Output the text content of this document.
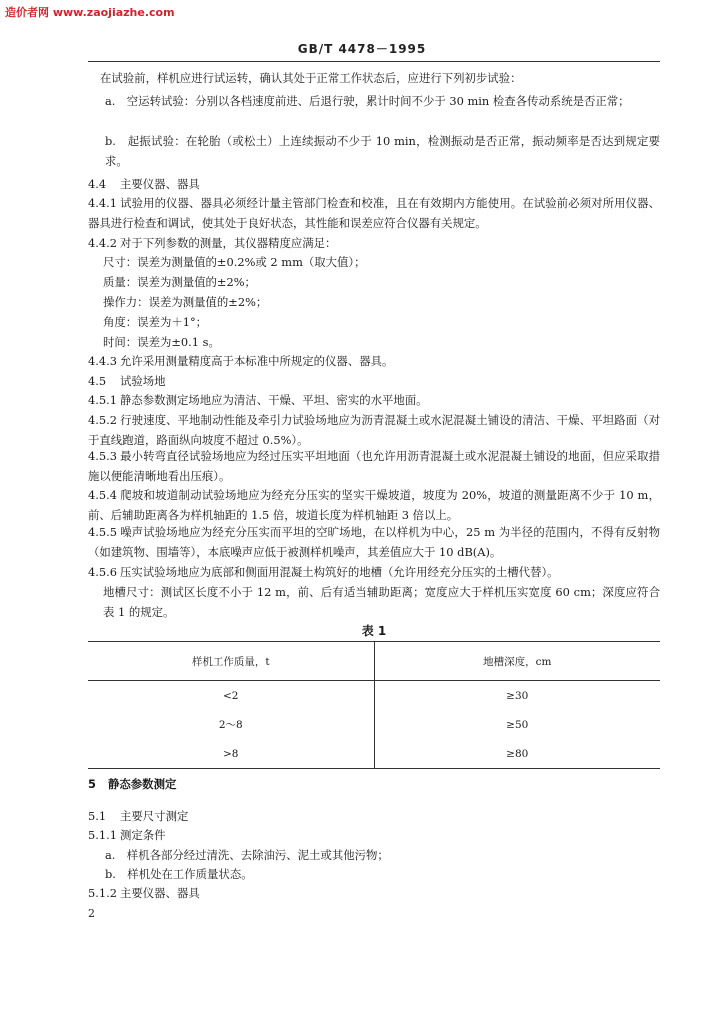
造价者网 www.zaojiazhe.com
GB/T 4478－1995

在试验前，样机应进行试运转，确认其处于正常工作状态后，应进行下列初步试验：

a.　空运转试验：分别以各档速度前进、后退行驶，累计时间不少于 30 min 检查各传动系统是否正常；

b.　起振试验：在轮胎（或松土）上连续振动不少于 10 min，检测振动是否正常，振动频率是否达到规定要求。

4.4 主要仪器、器具

4.4.1 试验用的仪器、器具必须经计量主管部门检查和校准，且在有效期内方能使用。在试验前必须对所用仪器、器具进行检查和调试，使其处于良好状态，其性能和误差应符合仪器有关规定。

4.4.2 对于下列参数的测量，其仪器精度应满足：

尺寸：误差为测量值的±0.2%或 2 mm（取大值）；

质量：误差为测量值的±2%；

操作力：误差为测量值的±2%；

角度：误差为＋1°；

时间：误差为±0.1 s。

4.4.3 允许采用测量精度高于本标准中所规定的仪器、器具。

4.5 试验场地

4.5.1 静态参数测定场地应为清洁、干燥、平坦、密实的水平地面。

4.5.2 行驶速度、平地制动性能及牵引力试验场地应为沥青混凝土或水泥混凝土铺设的清洁、干燥、平坦路面（对于直线跑道，路面纵向坡度不超过 0.5%）。

4.5.3 最小转弯直径试验场地应为经过压实平坦地面（也允许用沥青混凝土或水泥混凝土铺设的地面，但应采取措施以便能清晰地看出压痕）。

4.5.4 爬坡和坡道制动试验场地应为经充分压实的坚实干燥坡道，坡度为 20%，坡道的测量距离不少于 10 m，前、后辅助距离各为样机轴距的 1.5 倍，坡道长度为样机轴距 3 倍以上。

4.5.5 噪声试验场地应为经充分压实而平坦的空旷场地，在以样机为中心，25 m 为半径的范围内，不得有反射物（如建筑物、围墙等），本底噪声应低于被测样机噪声，其差值应大于 10 dB(A)。

4.5.6 压实试验场地应为底部和侧面用混凝土构筑好的地槽（允许用经充分压实的土槽代替）。

地槽尺寸：测试区长度不小于 12 m，前、后有适当辅助距离；宽度应大于样机压实宽度 60 cm；深度应符合表 1 的规定。

表 1

样机工作质量，t	地槽深度，cm
<2	≥30
2～8	≥50
>8	≥80

5 静态参数测定

5.1 主要尺寸测定

5.1.1 测定条件

a.　样机各部分经过清洗、去除油污、泥土或其他污物；

b.　样机处在工作质量状态。

5.1.2 主要仪器、器具

2
